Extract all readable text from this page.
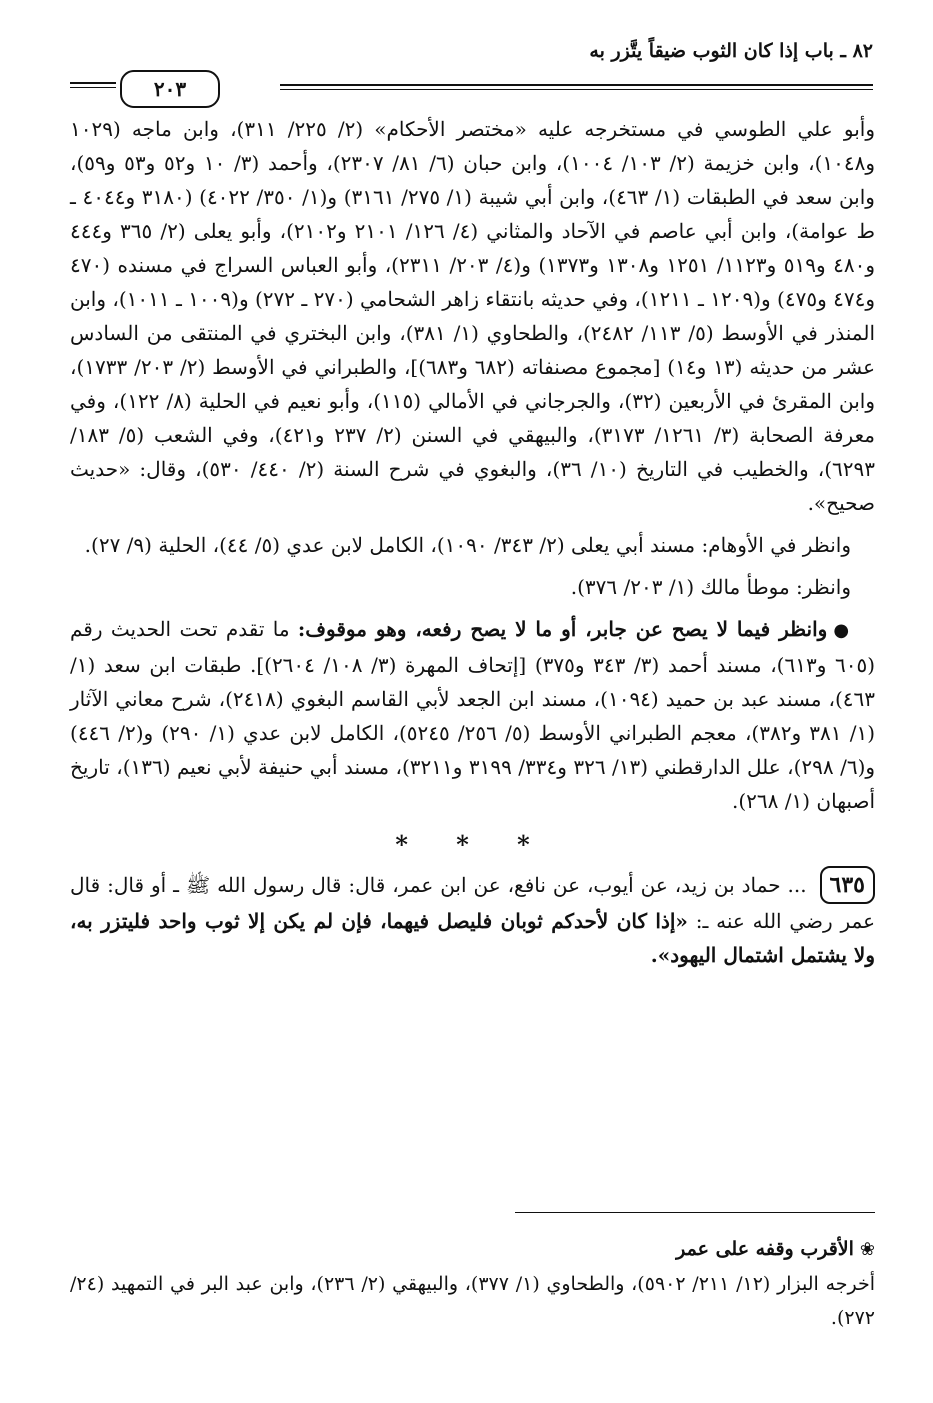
٨٢ ـ باب إذا كان الثوب ضيقاً يتَّزر به
٢٠٣

وأبو علي الطوسي في مستخرجه عليه «مختصر الأحكام» (٢/ ٢٢٥/ ٣١١)، وابن ماجه (١٠٢٩ و١٠٤٨)، وابن خزيمة (٢/ ١٠٣/ ١٠٠٤)، وابن حبان (٦/ ٨١/ ٢٣٠٧)، وأحمد (٣/ ١٠ و٥٢ و٥٣ و٥٩)، وابن سعد في الطبقات (١/ ٤٦٣)، وابن أبي شيبة (١/ ٢٧٥/ ٣١٦١) و(١/ ٣٥٠/ ٤٠٢٢) (٣١٨٠ و٤٠٤٤ ـ ط عوامة)، وابن أبي عاصم في الآحاد والمثاني (٤/ ١٢٦/ ٢١٠١ و٢١٠٢)، وأبو يعلى (٢/ ٣٦٥ و٤٤٤ و٤٨٠ و٥١٩ و١١٢٣/ ١٢٥١ و١٣٠٨ و١٣٧٣) و(٤/ ٢٠٣/ ٢٣١١)، وأبو العباس السراج في مسنده (٤٧٠ و٤٧٤ و٤٧٥) و(١٢٠٩ ـ ١٢١١)، وفي حديثه بانتقاء زاهر الشحامي (٢٧٠ ـ ٢٧٢) و(١٠٠٩ ـ ١٠١١)، وابن المنذر في الأوسط (٥/ ١١٣/ ٢٤٨٢)، والطحاوي (١/ ٣٨١)، وابن البختري في المنتقى من السادس عشر من حديثه (١٣ و١٤) [مجموع مصنفاته (٦٨٢ و٦٨٣)]، والطبراني في الأوسط (٢/ ٢٠٣/ ١٧٣٣)، وابن المقرئ في الأربعين (٣٢)، والجرجاني في الأمالي (١١٥)، وأبو نعيم في الحلية (٨/ ١٢٢)، وفي معرفة الصحابة (٣/ ١٢٦١/ ٣١٧٣)، والبيهقي في السنن (٢/ ٢٣٧ و٤٢١)، وفي الشعب (٥/ ١٨٣/ ٦٢٩٣)، والخطيب في التاريخ (١٠/ ٣٦)، والبغوي في شرح السنة (٢/ ٤٤٠/ ٥٣٠)، وقال: «حديث صحيح».

وانظر في الأوهام: مسند أبي يعلى (٢/ ٣٤٣/ ١٠٩٠)، الكامل لابن عدي (٥/ ٤٤)، الحلية (٩/ ٢٧).

وانظر: موطأ مالك (١/ ٢٠٣/ ٣٧٦).

●وانظر فيما لا يصح عن جابر، أو ما لا يصح رفعه، وهو موقوف: ما تقدم تحت الحديث رقم (٦٠٥ و٦١٣)، مسند أحمد (٣/ ٣٤٣ و٣٧٥) [إتحاف المهرة (٣/ ١٠٨/ ٢٦٠٤)]. طبقات ابن سعد (١/ ٤٦٣)، مسند عبد بن حميد (١٠٩٤)، مسند ابن الجعد لأبي القاسم البغوي (٢٤١٨)، شرح معاني الآثار (١/ ٣٨١ و٣٨٢)، معجم الطبراني الأوسط (٥/ ٢٥٦/ ٥٢٤٥)، الكامل لابن عدي (١/ ٢٩٠) و(٢/ ٤٤٦) و(٦/ ٢٩٨)، علل الدارقطني (١٣/ ٣٢٦ و٣٣٤/ ٣١٩٩ و٣٢١١)، مسند أبي حنيفة لأبي نعيم (١٣٦)، تاريخ أصبهان (١/ ٢٦٨).

* * *

٦٣٥ ... حماد بن زيد، عن أيوب، عن نافع، عن ابن عمر، قال: قال رسول الله ﷺ ـ أو قال: قال عمر رضي الله عنه ـ: «إذا كان لأحدكم ثوبان فليصل فيهما، فإن لم يكن إلا ثوب واحد فليتزر به، ولا يشتمل اشتمال اليهود».

❀الأقرب وقفه على عمر

أخرجه البزار (١٢/ ٢١١/ ٥٩٠٢)، والطحاوي (١/ ٣٧٧)، والبيهقي (٢/ ٢٣٦)، وابن عبد البر في التمهيد (٢٤/ ٢٧٢).
